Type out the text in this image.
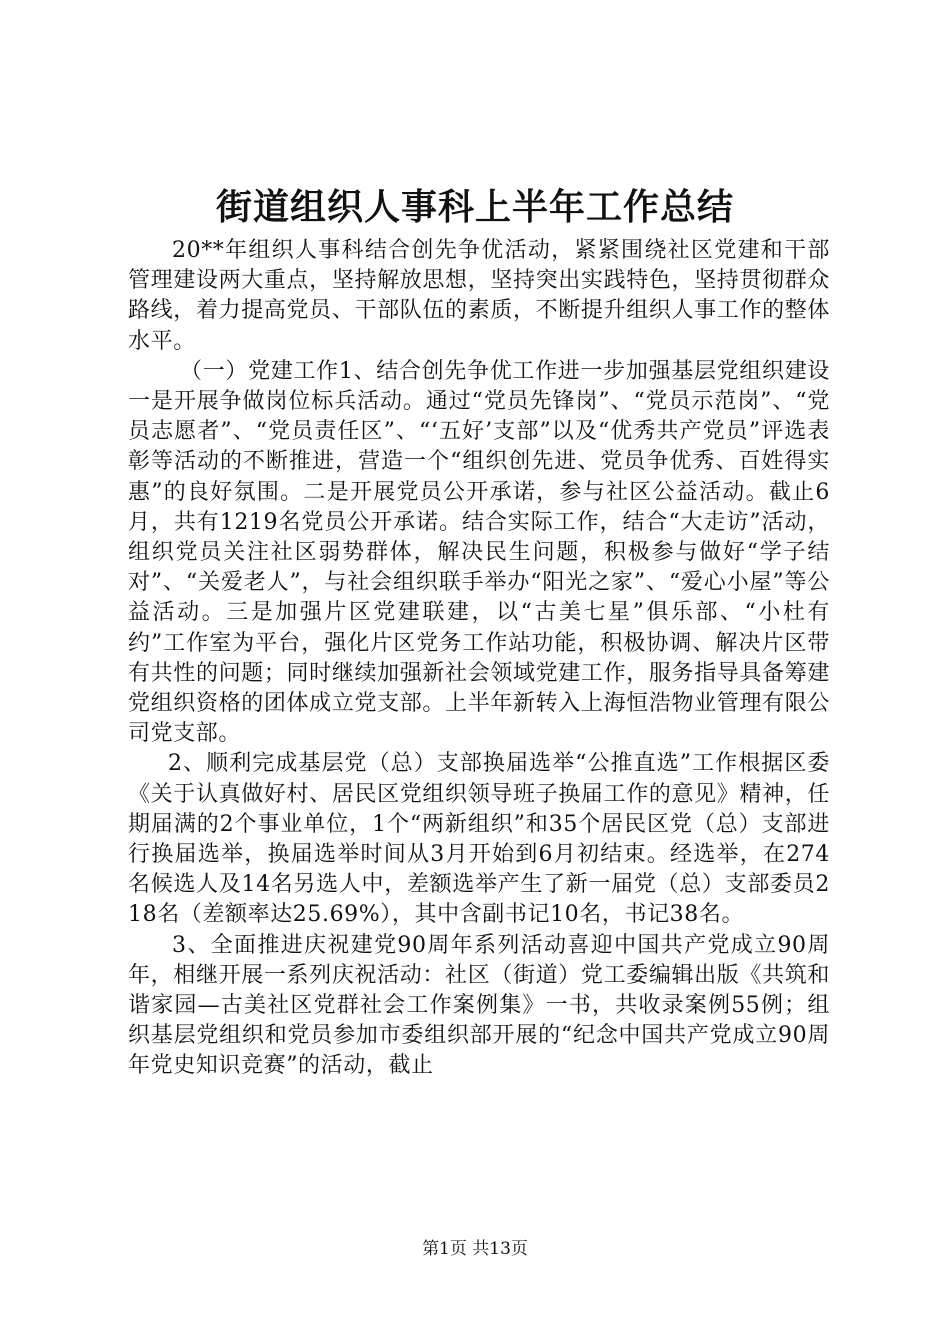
街道组织人事科上半年工作总结

20**年组织人事科结合创先争优活动，紧紧围绕社区党建和干部管理建设两大重点，坚持解放思想，坚持突出实践特色，坚持贯彻群众路线，着力提高党员、干部队伍的素质，不断提升组织人事工作的整体水平。

（一）党建工作1、结合创先争优工作进一步加强基层党组织建设一是开展争做岗位标兵活动。通过“党员先锋岗”、“党员示范岗”、“党员志愿者”、“党员责任区”、“‘五好’支部”以及“优秀共产党员”评选表彰等活动的不断推进，营造一个“组织创先进、党员争优秀、百姓得实惠”的良好氛围。二是开展党员公开承诺，参与社区公益活动。截止6月，共有1219名党员公开承诺。结合实际工作，结合“大走访”活动，组织党员关注社区弱势群体，解决民生问题，积极参与做好“学子结对”、“关爱老人”，与社会组织联手举办“阳光之家”、“爱心小屋”等公益活动。三是加强片区党建联建，以“古美七星”俱乐部、“小杜有约”工作室为平台，强化片区党务工作站功能，积极协调、解决片区带有共性的问题；同时继续加强新社会领域党建工作，服务指导具备筹建党组织资格的团体成立党支部。上半年新转入上海恒浩物业管理有限公司党支部。

2、顺利完成基层党（总）支部换届选举“公推直选”工作根据区委《关于认真做好村、居民区党组织领导班子换届工作的意见》精神，任期届满的2个事业单位，1个“两新组织”和35个居民区党（总）支部进行换届选举，换届选举时间从3月开始到6月初结束。经选举，在274名候选人及14名另选人中，差额选举产生了新一届党（总）支部委员218名（差额率达25.69%），其中含副书记10名，书记38名。

3、全面推进庆祝建党90周年系列活动喜迎中国共产党成立90周年，相继开展一系列庆祝活动：社区（街道）党工委编辑出版《共筑和谐家园—古美社区党群社会工作案例集》一书，共收录案例55例；组织基层党组织和党员参加市委组织部开展的“纪念中国共产党成立90周年党史知识竞赛”的活动，截止

第1页 共13页
